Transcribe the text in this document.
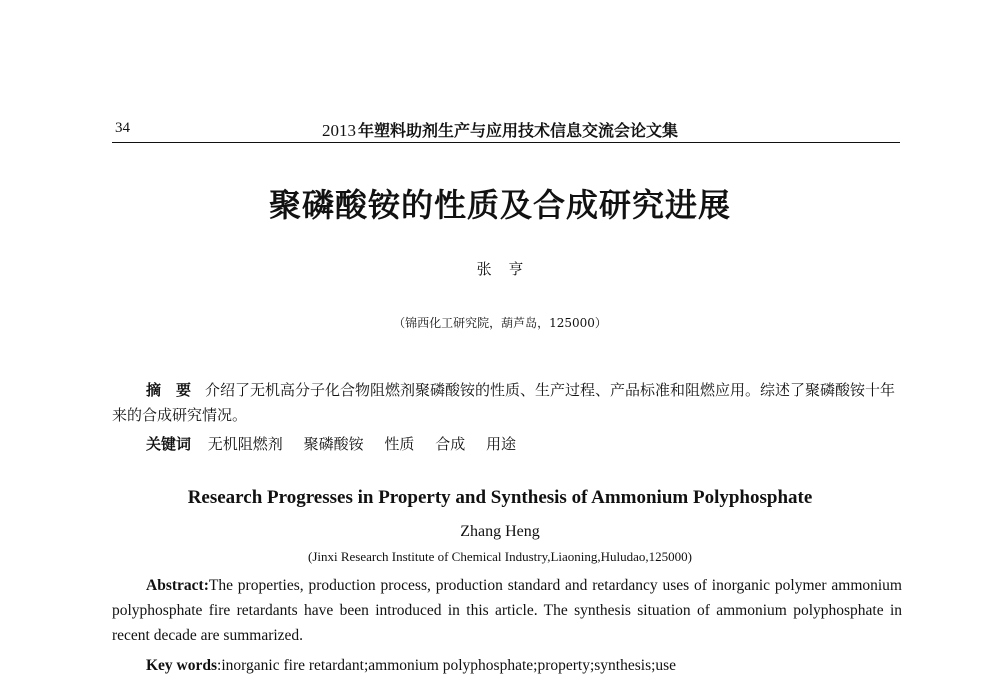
34	2013 年塑料助剂生产与应用技术信息交流会论文集
聚磷酸铵的性质及合成研究进展
张 亨
（锦西化工研究院，葫芦岛，125000）
摘　要 介绍了无机高分子化合物阻燃剂聚磷酸铵的性质、生产过程、产品标准和阻燃应用。综述了聚磷酸铵十年来的合成研究情况。
关键词 无机阻燃剂 聚磷酸铵 性质 合成 用途
Research Progresses in Property and Synthesis of Ammonium Polyphosphate
Zhang Heng
(Jinxi Research Institute of Chemical Industry,Liaoning,Huludao,125000)
Abstract:The properties, production process, production standard and retardancy uses of inorganic polymer ammonium polyphosphate fire retardants have been introduced in this article. The synthesis situation of ammonium polyphosphate in recent decade are summarized.
Key words:inorganic fire retardant;ammonium polyphosphate;property;synthesis;use
